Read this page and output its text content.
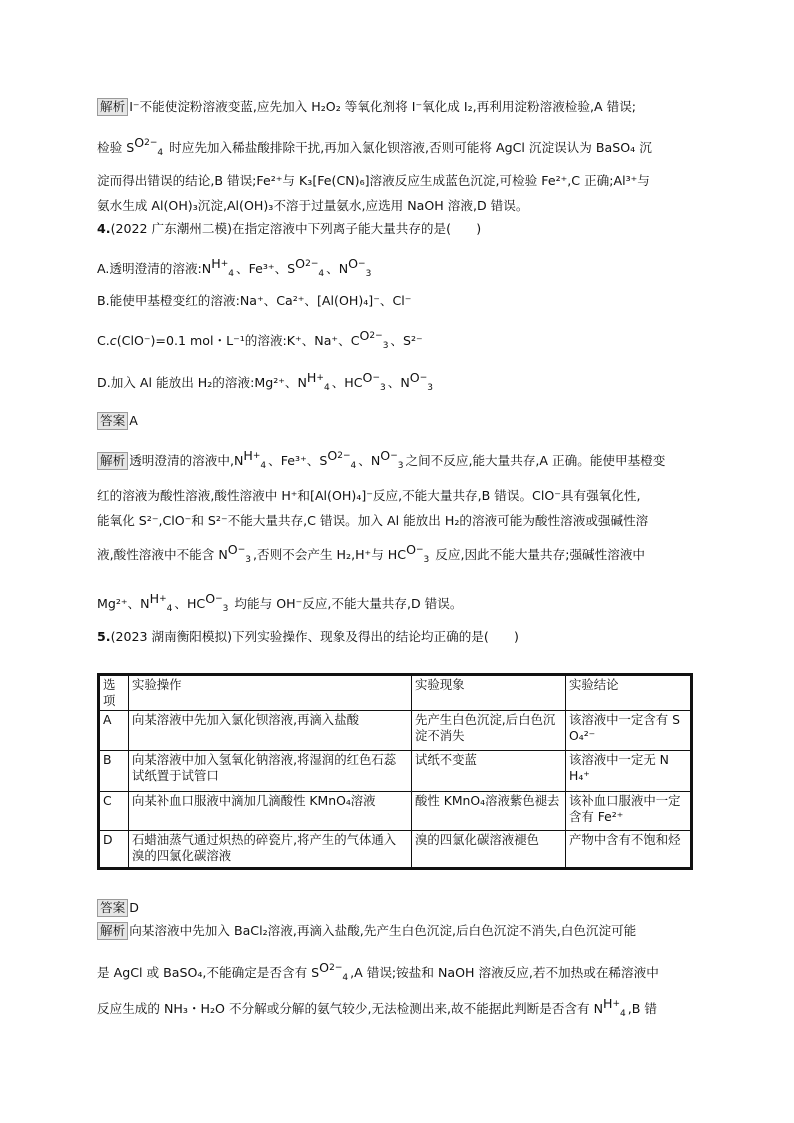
解析 I⁻不能使淀粉溶液变蓝,应先加入 H₂O₂ 等氧化剂将 I⁻氧化成 I₂,再利用淀粉溶液检验,A 错误;
检验 $SO^{2-}_4$ 时应先加入稀盐酸排除干扰,再加入氯化钡溶液,否则可能将 AgCl 沉淀误认为 BaSO₄ 沉
淀而得出错误的结论,B 错误;Fe²⁺与 K₃[Fe(CN)₆]溶液反应生成蓝色沉淀,可检验 Fe²⁺,C 正确;Al³⁺与
氨水生成 Al(OH)₃沉淀,Al(OH)₃不溶于过量氨水,应选用 NaOH 溶液,D 错误。
4.(2022 广东潮州二模)在指定溶液中下列离子能大量共存的是(　　)
A.透明澄清的溶液$:NH^+_4$ 、Fe³⁺、$SO^{2-}_4$ 、$NO^-_3$
B.能使甲基橙变红的溶液:Na⁺、Ca²⁺、[Al(OH)₄]⁻、Cl⁻
C.c(ClO⁻)=0.1 mol・L⁻¹的溶液:K⁺、Na⁺、$CO^{2-}_3$ 、S²⁻
D.加入 Al 能放出 H₂的溶液:Mg²⁺、$NH^+_4$ 、$HCO^-_3$ 、$NO^-_3$
答案 A
解析 透明澄清的溶液中$,NH^+_4$ 、Fe³⁺、$SO^{2-}_4$ 、$NO^-_3$ 之间不反应,能大量共存,A 正确。能使甲基橙变
红的溶液为酸性溶液,酸性溶液中 H⁺和[Al(OH)₄]⁻反应,不能大量共存,B 错误。ClO⁻具有强氧化性,
能氧化 S²⁻,ClO⁻和 S²⁻不能大量共存,C 错误。加入 Al 能放出 H₂的溶液可能为酸性溶液或强碱性溶
液,酸性溶液中不能含 $NO^-_3$ ,否则不会产生 H₂,H⁺与 $HCO^-_3$ 反应,因此不能大量共存;强碱性溶液中
Mg²⁺、$NH^+_4$ 、$HCO^-_3$ 均能与 OH⁻反应,不能大量共存,D 错误。
5.(2023 湖南衡阳模拟)下列实验操作、现象及得出的结论均正确的是(　　)
选项	实验操作	实验现象	实验结论
A	向某溶液中先加入氯化钡溶液,再滴入盐酸	先产生白色沉淀,后白色沉淀不消失	该溶液中一定含有 S
O₄²⁻
B	向某溶液中加入氢氧化钠溶液,将湿润的红色石蕊试纸置于试管口	试纸不变蓝	该溶液中一定无 N
H₄⁺
C	向某补血口服液中滴加几滴酸性 KMnO₄溶液	酸性 KMnO₄溶液紫色褪去	该补血口服液中一定含有 Fe²⁺
D	石蜡油蒸气通过炽热的碎瓷片,将产生的气体通入溴的四氯化碳溶液	溴的四氯化碳溶液褪色	产物中含有不饱和烃
答案 D
解析 向某溶液中先加入 BaCl₂溶液,再滴入盐酸,先产生白色沉淀,后白色沉淀不消失,白色沉淀可能
是 AgCl 或 BaSO₄,不能确定是否含有 $SO^{2-}_4$ ,A 错误;铵盐和 NaOH 溶液反应,若不加热或在稀溶液中
反应生成的 NH₃・H₂O 不分解或分解的氨气较少,无法检测出来,故不能据此判断是否含有 $NH^+_4$ ,B 错
